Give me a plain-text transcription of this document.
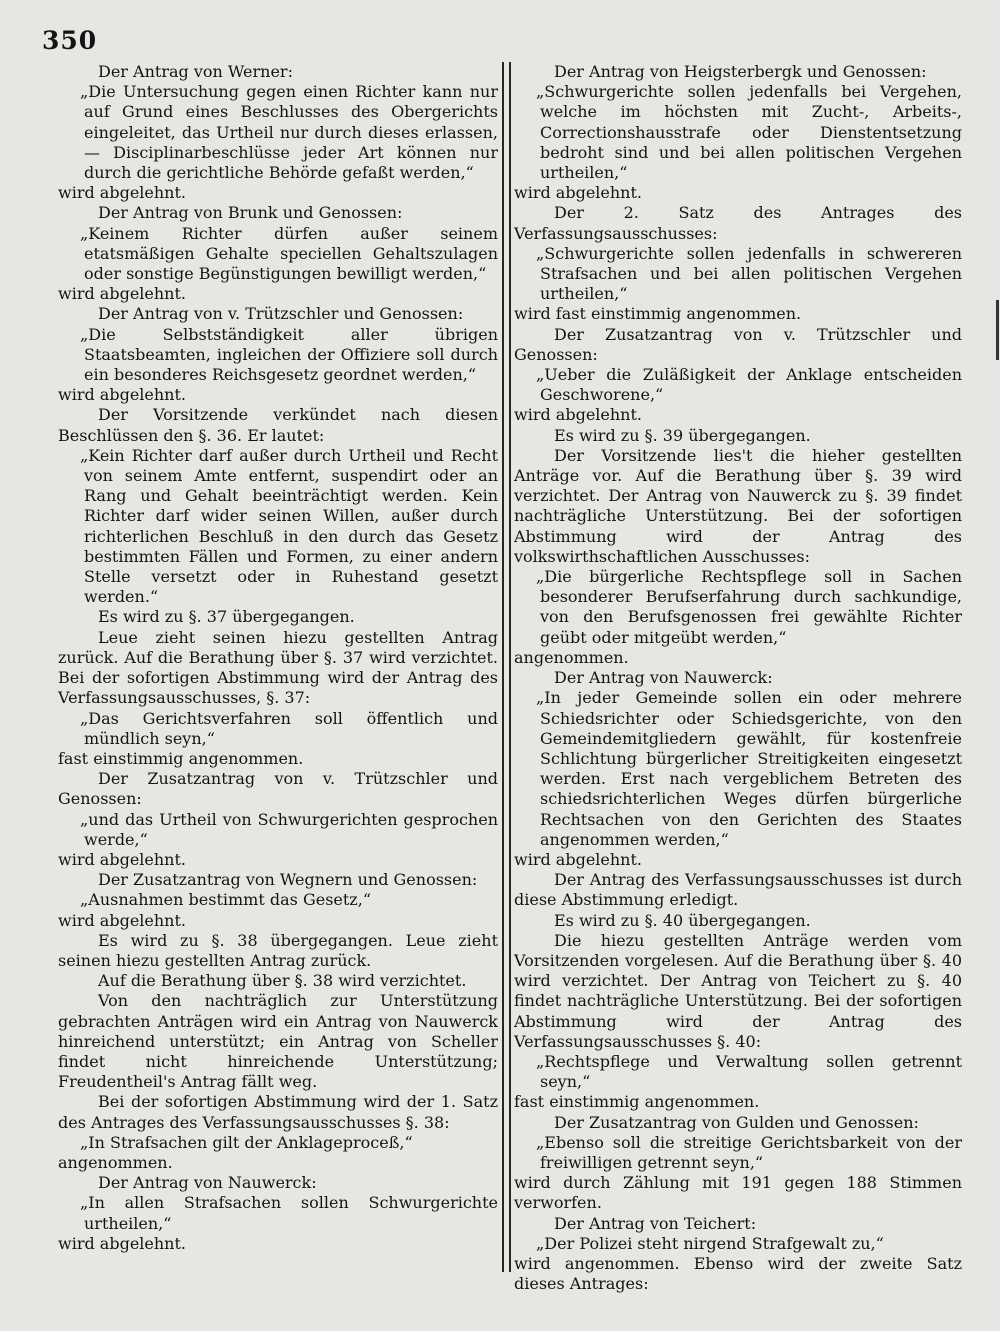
350

Der Antrag von Werner:

„Die Untersuchung gegen einen Richter kann nur auf Grund eines Beschlusses des Obergerichts eingeleitet, das Urtheil nur durch dieses erlassen, — Disciplinarbeschlüsse jeder Art können nur durch die gerichtliche Behörde gefaßt werden,“

wird abgelehnt.

Der Antrag von Brunk und Genossen:

„Keinem Richter dürfen außer seinem etatsmäßigen Gehalte speciellen Gehaltszulagen oder sonstige Begünstigungen bewilligt werden,“

wird abgelehnt.

Der Antrag von v. Trützschler und Genossen:

„Die Selbstständigkeit aller übrigen Staatsbeamten, ingleichen der Offiziere soll durch ein besonderes Reichsgesetz geordnet werden,“

wird abgelehnt.

Der Vorsitzende verkündet nach diesen Beschlüssen den §. 36. Er lautet:

„Kein Richter darf außer durch Urtheil und Recht von seinem Amte entfernt, suspendirt oder an Rang und Gehalt beeinträchtigt werden. Kein Richter darf wider seinen Willen, außer durch richterlichen Beschluß in den durch das Gesetz bestimmten Fällen und Formen, zu einer andern Stelle versetzt oder in Ruhestand gesetzt werden.“

Es wird zu §. 37 übergegangen.

Leue zieht seinen hiezu gestellten Antrag zurück. Auf die Berathung über §. 37 wird verzichtet. Bei der sofortigen Abstimmung wird der Antrag des Verfassungsausschusses, §. 37:

„Das Gerichtsverfahren soll öffentlich und mündlich seyn,“

fast einstimmig angenommen.

Der Zusatzantrag von v. Trützschler und Genossen:

„und das Urtheil von Schwurgerichten gesprochen werde,“

wird abgelehnt.

Der Zusatzantrag von Wegnern und Genossen:

„Ausnahmen bestimmt das Gesetz,“

wird abgelehnt.

Es wird zu §. 38 übergegangen. Leue zieht seinen hiezu gestellten Antrag zurück.

Auf die Berathung über §. 38 wird verzichtet.

Von den nachträglich zur Unterstützung gebrachten Anträgen wird ein Antrag von Nauwerck hinreichend unterstützt; ein Antrag von Scheller findet nicht hinreichende Unterstützung; Freudentheil's Antrag fällt weg.

Bei der sofortigen Abstimmung wird der 1. Satz des Antrages des Verfassungsausschusses §. 38:

„In Strafsachen gilt der Anklageproceß,“

angenommen.

Der Antrag von Nauwerck:

„In allen Strafsachen sollen Schwurgerichte urtheilen,“

wird abgelehnt.

Der Antrag von Heigsterbergk und Genossen:

„Schwurgerichte sollen jedenfalls bei Vergehen, welche im höchsten mit Zucht-, Arbeits-, Correctionshausstrafe oder Dienstentsetzung bedroht sind und bei allen politischen Vergehen urtheilen,“

wird abgelehnt.

Der 2. Satz des Antrages des Verfassungsausschusses:

„Schwurgerichte sollen jedenfalls in schwereren Strafsachen und bei allen politischen Vergehen urtheilen,“

wird fast einstimmig angenommen.

Der Zusatzantrag von v. Trützschler und Genossen:

„Ueber die Zuläßigkeit der Anklage entscheiden Geschworene,“

wird abgelehnt.

Es wird zu §. 39 übergegangen.

Der Vorsitzende lies't die hieher gestellten Anträge vor. Auf die Berathung über §. 39 wird verzichtet. Der Antrag von Nauwerck zu §. 39 findet nachträgliche Unterstützung. Bei der sofortigen Abstimmung wird der Antrag des volkswirthschaftlichen Ausschusses:

„Die bürgerliche Rechtspflege soll in Sachen besonderer Berufserfahrung durch sachkundige, von den Berufsgenossen frei gewählte Richter geübt oder mitgeübt werden,“

angenommen.

Der Antrag von Nauwerck:

„In jeder Gemeinde sollen ein oder mehrere Schiedsrichter oder Schiedsgerichte, von den Gemeindemitgliedern gewählt, für kostenfreie Schlichtung bürgerlicher Streitigkeiten eingesetzt werden. Erst nach vergeblichem Betreten des schiedsrichterlichen Weges dürfen bürgerliche Rechtsachen von den Gerichten des Staates angenommen werden,“

wird abgelehnt.

Der Antrag des Verfassungsausschusses ist durch diese Abstimmung erledigt.

Es wird zu §. 40 übergegangen.

Die hiezu gestellten Anträge werden vom Vorsitzenden vorgelesen. Auf die Berathung über §. 40 wird verzichtet. Der Antrag von Teichert zu §. 40 findet nachträgliche Unterstützung. Bei der sofortigen Abstimmung wird der Antrag des Verfassungsausschusses §. 40:

„Rechtspflege und Verwaltung sollen getrennt seyn,“

fast einstimmig angenommen.

Der Zusatzantrag von Gulden und Genossen:

„Ebenso soll die streitige Gerichtsbarkeit von der freiwilligen getrennt seyn,“

wird durch Zählung mit 191 gegen 188 Stimmen verworfen.

Der Antrag von Teichert:

„Der Polizei steht nirgend Strafgewalt zu,“

wird angenommen. Ebenso wird der zweite Satz dieses Antrages:
